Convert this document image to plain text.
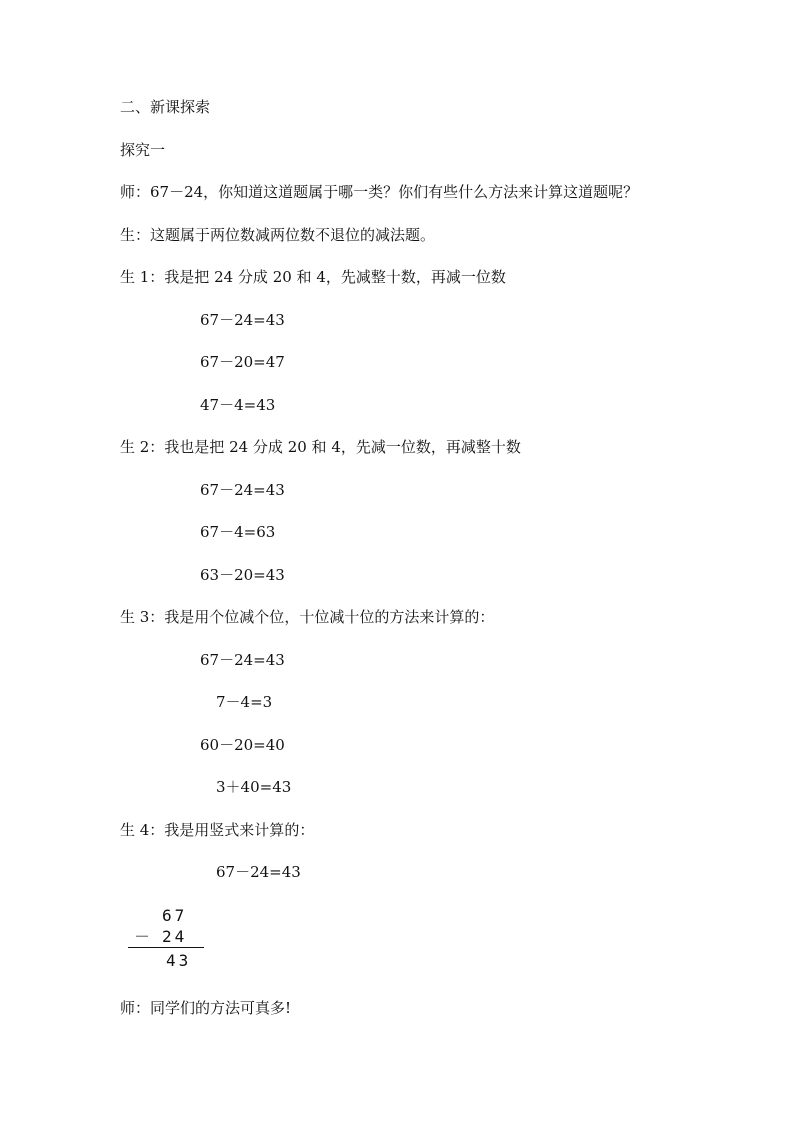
二、新课探索
探究一
师：67－24，你知道这道题属于哪一类？你们有些什么方法来计算这道题呢？
生：这题属于两位数减两位数不退位的减法题。
生 1：我是把 24 分成 20 和 4，先减整十数，再减一位数
67－24=43
67－20=47
47－4=43
生 2：我也是把 24 分成 20 和 4，先减一位数，再减整十数
67－24=43
67－4=63
63－20=43
生 3：我是用个位减个位，十位减十位的方法来计算的：
67－24=43
7－4=3
60－20=40
3＋40=43
生 4：我是用竖式来计算的：
67－24=43
67
－ 24
43
师：同学们的方法可真多!
